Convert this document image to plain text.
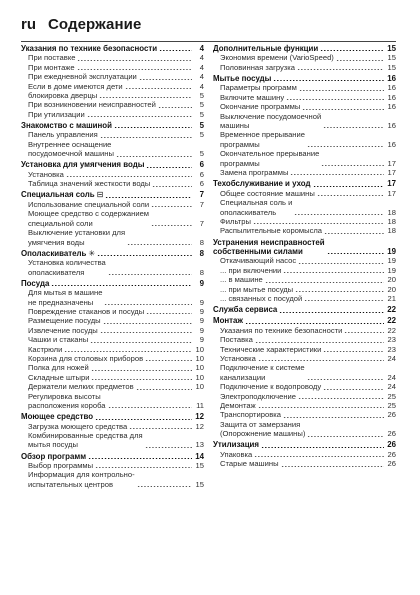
ru Содержание
Указания по технике безопасности	4
При поставке	4
При монтаже	4
При ежедневной эксплуатации	4
Если в доме имеются дети	4
блокировка дверцы	5
При возникновении неисправностей	5
При утилизации	5
Знакомство с машиной	5
Панель управления	5
Внутреннее оснащение
посудомоечной машины	5
Установка для умягчения воды	6
Установка	6
Таблица значений жесткости воды	6
Специальная соль ⊟	7
Использование специальной соли	7
Моющее средство с содержанием
специальной соли	7
Выключение установки для
умягчения воды	8
Ополаскиватель ✳	8
Установка количества
ополаскивателя	8
Посуда	9
Для мытья в машине
не предназначены	9
Повреждение стаканов и посуды	9
Размещение посуды	9
Извлечение посуды	9
Чашки и стаканы	9
Кастрюли	10
Корзина для столовых приборов	10
Полка для ножей	10
Складные штыри	10
Держатели мелких предметов	10
Регулировка высоты
расположения короба	11
Моющее средство	12
Загрузка моющего средства	12
Комбинированные средства для
мытья посуды	13
Обзор программ	14
Выбор программы	15
Информация для контрольно-
испытательных центров	15
Дополнительные функции	15
Экономия времени (VarioSpeed)	15
Половинная загрузка	15
Мытье посуды	16
Параметры программ	16
Включите машину	16
Окончание программы	16
Выключение посудомоечной
машины	16
Временное прерывание
программы	16
Окончательное прерывание
программы	17
Замена программы	17
Техобслуживание и уход	17
Общее состояние машины	17
Специальная соль и
ополаскиватель	18
Фильтры	18
Распылительные коромысла	18
Устранения неисправностей
собственными силами	19
Откачивающий насос	19
... при включении	19
... в машине	20
... при мытье посуды	20
... связанных с посудой	21
Служба сервиса	22
Монтаж	22
Указания по технике безопасности	22
Поставка	23
Технические характеристики	23
Установка	24
Подключение к системе
канализации	24
Подключение к водопроводу	24
Электроподключение	25
Демонтаж	25
Транспортировка	26
Защита от замерзания
(Опорожнение машины)	26
Утилизация	26
Упаковка	26
Старые машины	26
